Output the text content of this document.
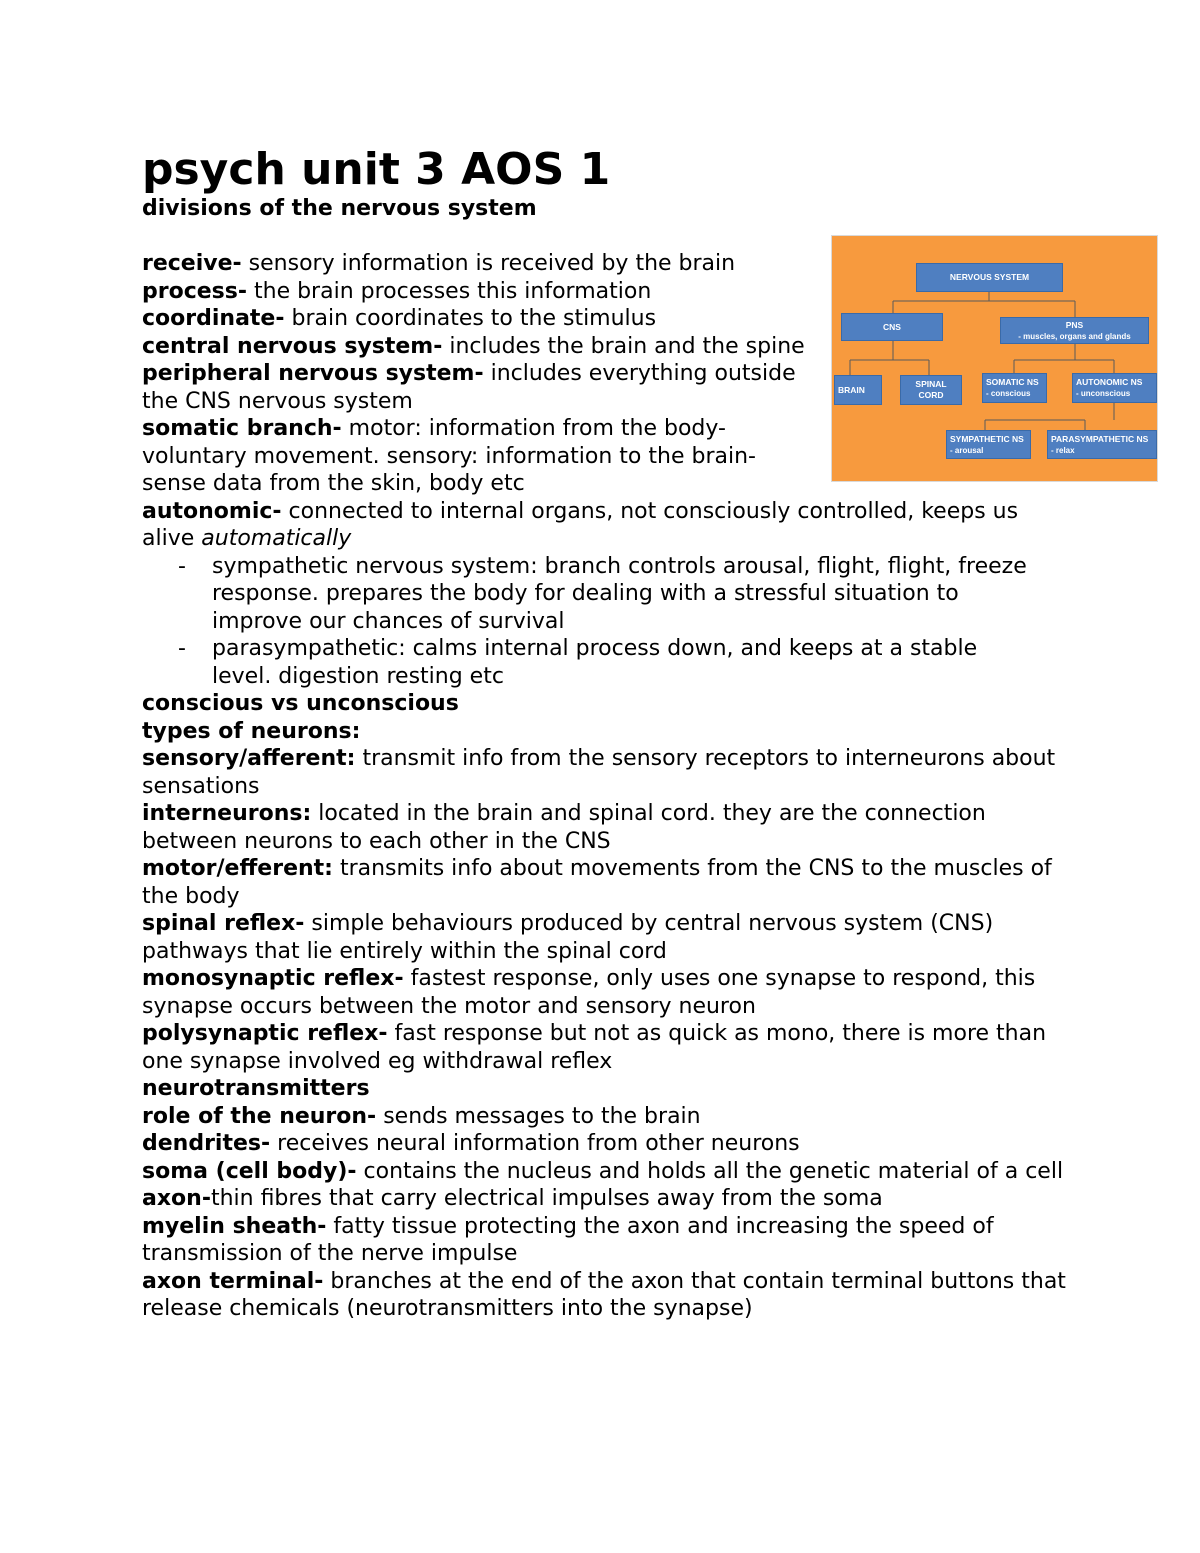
psych unit 3 AOS 1
divisions of the nervous system
NERVOUS SYSTEM
CNS	PNS
- muscles, organs and glands
BRAIN
SPINAL
CORD
SOMATIC NS
- conscious
AUTONOMIC NS
- unconscious
SYMPATHETIC NS
- arousal
PARASYMPATHETIC NS
- relax

receive- sensory information is received by the brain

process- the brain processes this information

coordinate- brain coordinates to the stimulus

central nervous system- includes the brain and the spine

peripheral nervous system- includes everything outside the CNS nervous system

somatic branch- motor: information from the body- voluntary movement. sensory: information to the brain- sense data from the skin, body etc

autonomic- connected to internal organs, not consciously controlled, keeps us alive automatically

- sympathetic nervous system: branch controls arousal, flight, flight, freeze response. prepares the body for dealing with a stressful situation to improve our chances of survival
- parasympathetic: calms internal process down, and keeps at a stable level. digestion resting etc

conscious vs unconscious

types of neurons:

sensory/afferent: transmit info from the sensory receptors to interneurons about sensations

interneurons: located in the brain and spinal cord. they are the connection between neurons to each other in the CNS

motor/efferent: transmits info about movements from the CNS to the muscles of the body

spinal reflex- simple behaviours produced by central nervous system (CNS) pathways that lie entirely within the spinal cord

monosynaptic reflex- fastest response, only uses one synapse to respond, this synapse occurs between the motor and sensory neuron

polysynaptic reflex- fast response but not as quick as mono, there is more than one synapse involved eg withdrawal reflex

neurotransmitters

role of the neuron- sends messages to the brain

dendrites- receives neural information from other neurons

soma (cell body)- contains the nucleus and holds all the genetic material of a cell

axon-thin fibres that carry electrical impulses away from the soma

myelin sheath- fatty tissue protecting the axon and increasing the speed of transmission of the nerve impulse

axon terminal- branches at the end of the axon that contain terminal buttons that release chemicals (neurotransmitters into the synapse)
